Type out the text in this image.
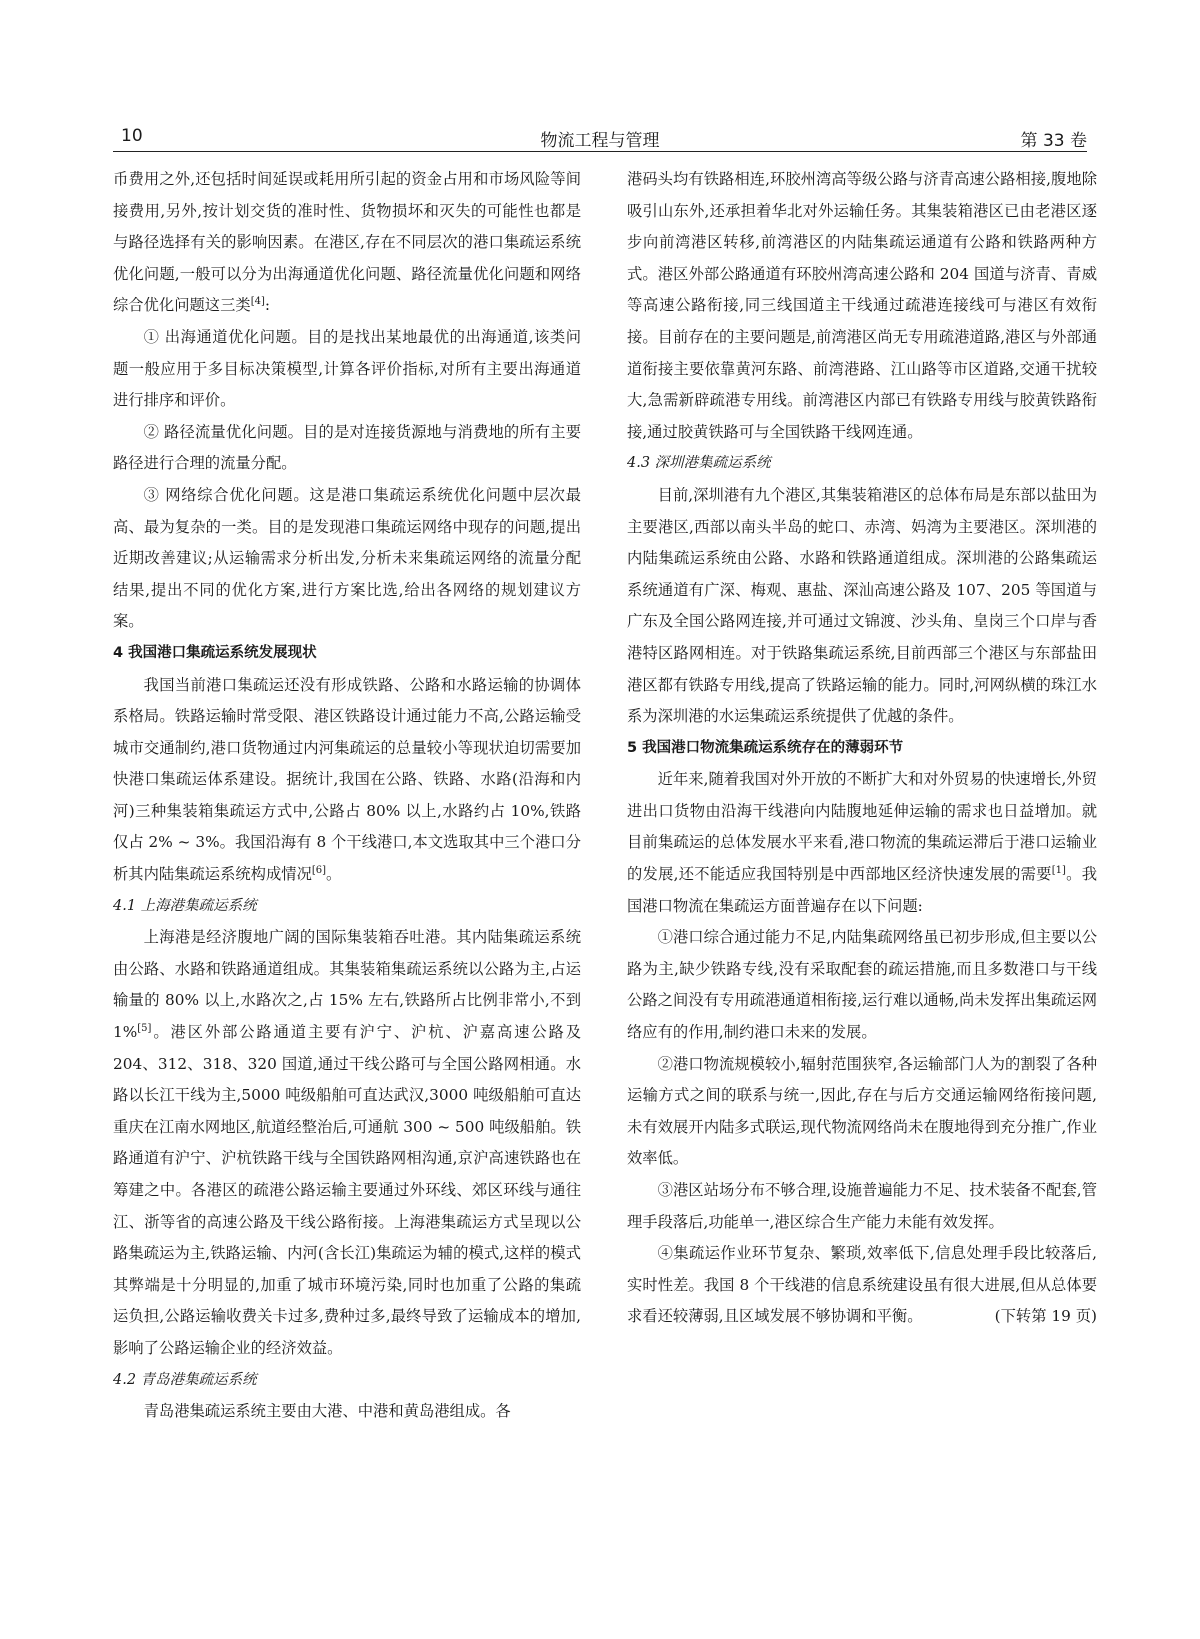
10	物流工程与管理	第 33 卷

币费用之外,还包括时间延误或耗用所引起的资金占用和市场风险等间接费用,另外,按计划交货的准时性、货物损坏和灭失的可能性也都是与路径选择有关的影响因素。在港区,存在不同层次的港口集疏运系统优化问题,一般可以分为出海通道优化问题、路径流量优化问题和网络综合优化问题这三类[4]:

① 出海通道优化问题。目的是找出某地最优的出海通道,该类问题一般应用于多目标决策模型,计算各评价指标,对所有主要出海通道进行排序和评价。

② 路径流量优化问题。目的是对连接货源地与消费地的所有主要路径进行合理的流量分配。

③ 网络综合优化问题。这是港口集疏运系统优化问题中层次最高、最为复杂的一类。目的是发现港口集疏运网络中现存的问题,提出近期改善建议;从运输需求分析出发,分析未来集疏运网络的流量分配结果,提出不同的优化方案,进行方案比选,给出各网络的规划建议方案。

4 我国港口集疏运系统发展现状

我国当前港口集疏运还没有形成铁路、公路和水路运输的协调体系格局。铁路运输时常受限、港区铁路设计通过能力不高,公路运输受城市交通制约,港口货物通过内河集疏运的总量较小等现状迫切需要加快港口集疏运体系建设。据统计,我国在公路、铁路、水路(沿海和内河)三种集装箱集疏运方式中,公路占 80% 以上,水路约占 10%,铁路仅占 2% ~ 3%。我国沿海有 8 个干线港口,本文选取其中三个港口分析其内陆集疏运系统构成情况[6]。

4.1 上海港集疏运系统

上海港是经济腹地广阔的国际集装箱吞吐港。其内陆集疏运系统由公路、水路和铁路通道组成。其集装箱集疏运系统以公路为主,占运输量的 80% 以上,水路次之,占 15% 左右,铁路所占比例非常小,不到 1%[5]。港区外部公路通道主要有沪宁、沪杭、沪嘉高速公路及 204、312、318、320 国道,通过干线公路可与全国公路网相通。水路以长江干线为主,5000 吨级船舶可直达武汉,3000 吨级船舶可直达重庆在江南水网地区,航道经整治后,可通航 300 ~ 500 吨级船舶。铁路通道有沪宁、沪杭铁路干线与全国铁路网相沟通,京沪高速铁路也在筹建之中。各港区的疏港公路运输主要通过外环线、郊区环线与通往江、浙等省的高速公路及干线公路衔接。上海港集疏运方式呈现以公路集疏运为主,铁路运输、内河(含长江)集疏运为辅的模式,这样的模式其弊端是十分明显的,加重了城市环境污染,同时也加重了公路的集疏运负担,公路运输收费关卡过多,费种过多,最终导致了运输成本的增加,影响了公路运输企业的经济效益。

4.2 青岛港集疏运系统

青岛港集疏运系统主要由大港、中港和黄岛港组成。各

港码头均有铁路相连,环胶州湾高等级公路与济青高速公路相接,腹地除吸引山东外,还承担着华北对外运输任务。其集装箱港区已由老港区逐步向前湾港区转移,前湾港区的内陆集疏运通道有公路和铁路两种方式。港区外部公路通道有环胶州湾高速公路和 204 国道与济青、青威等高速公路衔接,同三线国道主干线通过疏港连接线可与港区有效衔接。目前存在的主要问题是,前湾港区尚无专用疏港道路,港区与外部通道衔接主要依靠黄河东路、前湾港路、江山路等市区道路,交通干扰较大,急需新辟疏港专用线。前湾港区内部已有铁路专用线与胶黄铁路衔接,通过胶黄铁路可与全国铁路干线网连通。

4.3 深圳港集疏运系统

目前,深圳港有九个港区,其集装箱港区的总体布局是东部以盐田为主要港区,西部以南头半岛的蛇口、赤湾、妈湾为主要港区。深圳港的内陆集疏运系统由公路、水路和铁路通道组成。深圳港的公路集疏运系统通道有广深、梅观、惠盐、深汕高速公路及 107、205 等国道与广东及全国公路网连接,并可通过文锦渡、沙头角、皇岗三个口岸与香港特区路网相连。对于铁路集疏运系统,目前西部三个港区与东部盐田港区都有铁路专用线,提高了铁路运输的能力。同时,河网纵横的珠江水系为深圳港的水运集疏运系统提供了优越的条件。

5 我国港口物流集疏运系统存在的薄弱环节

近年来,随着我国对外开放的不断扩大和对外贸易的快速增长,外贸进出口货物由沿海干线港向内陆腹地延伸运输的需求也日益增加。就目前集疏运的总体发展水平来看,港口物流的集疏运滞后于港口运输业的发展,还不能适应我国特别是中西部地区经济快速发展的需要[1]。我国港口物流在集疏运方面普遍存在以下问题:

①港口综合通过能力不足,内陆集疏网络虽已初步形成,但主要以公路为主,缺少铁路专线,没有采取配套的疏运措施,而且多数港口与干线公路之间没有专用疏港通道相衔接,运行难以通畅,尚未发挥出集疏运网络应有的作用,制约港口未来的发展。

②港口物流规模较小,辐射范围狭窄,各运输部门人为的割裂了各种运输方式之间的联系与统一,因此,存在与后方交通运输网络衔接问题,未有效展开内陆多式联运,现代物流网络尚未在腹地得到充分推广,作业效率低。

③港区站场分布不够合理,设施普遍能力不足、技术装备不配套,管理手段落后,功能单一,港区综合生产能力未能有效发挥。

④集疏运作业环节复杂、繁琐,效率低下,信息处理手段比较落后,实时性差。我国 8 个干线港的信息系统建设虽有很大进展,但从总体要求看还较薄弱,且区域发展不够协调和平衡。	(下转第 19 页)
